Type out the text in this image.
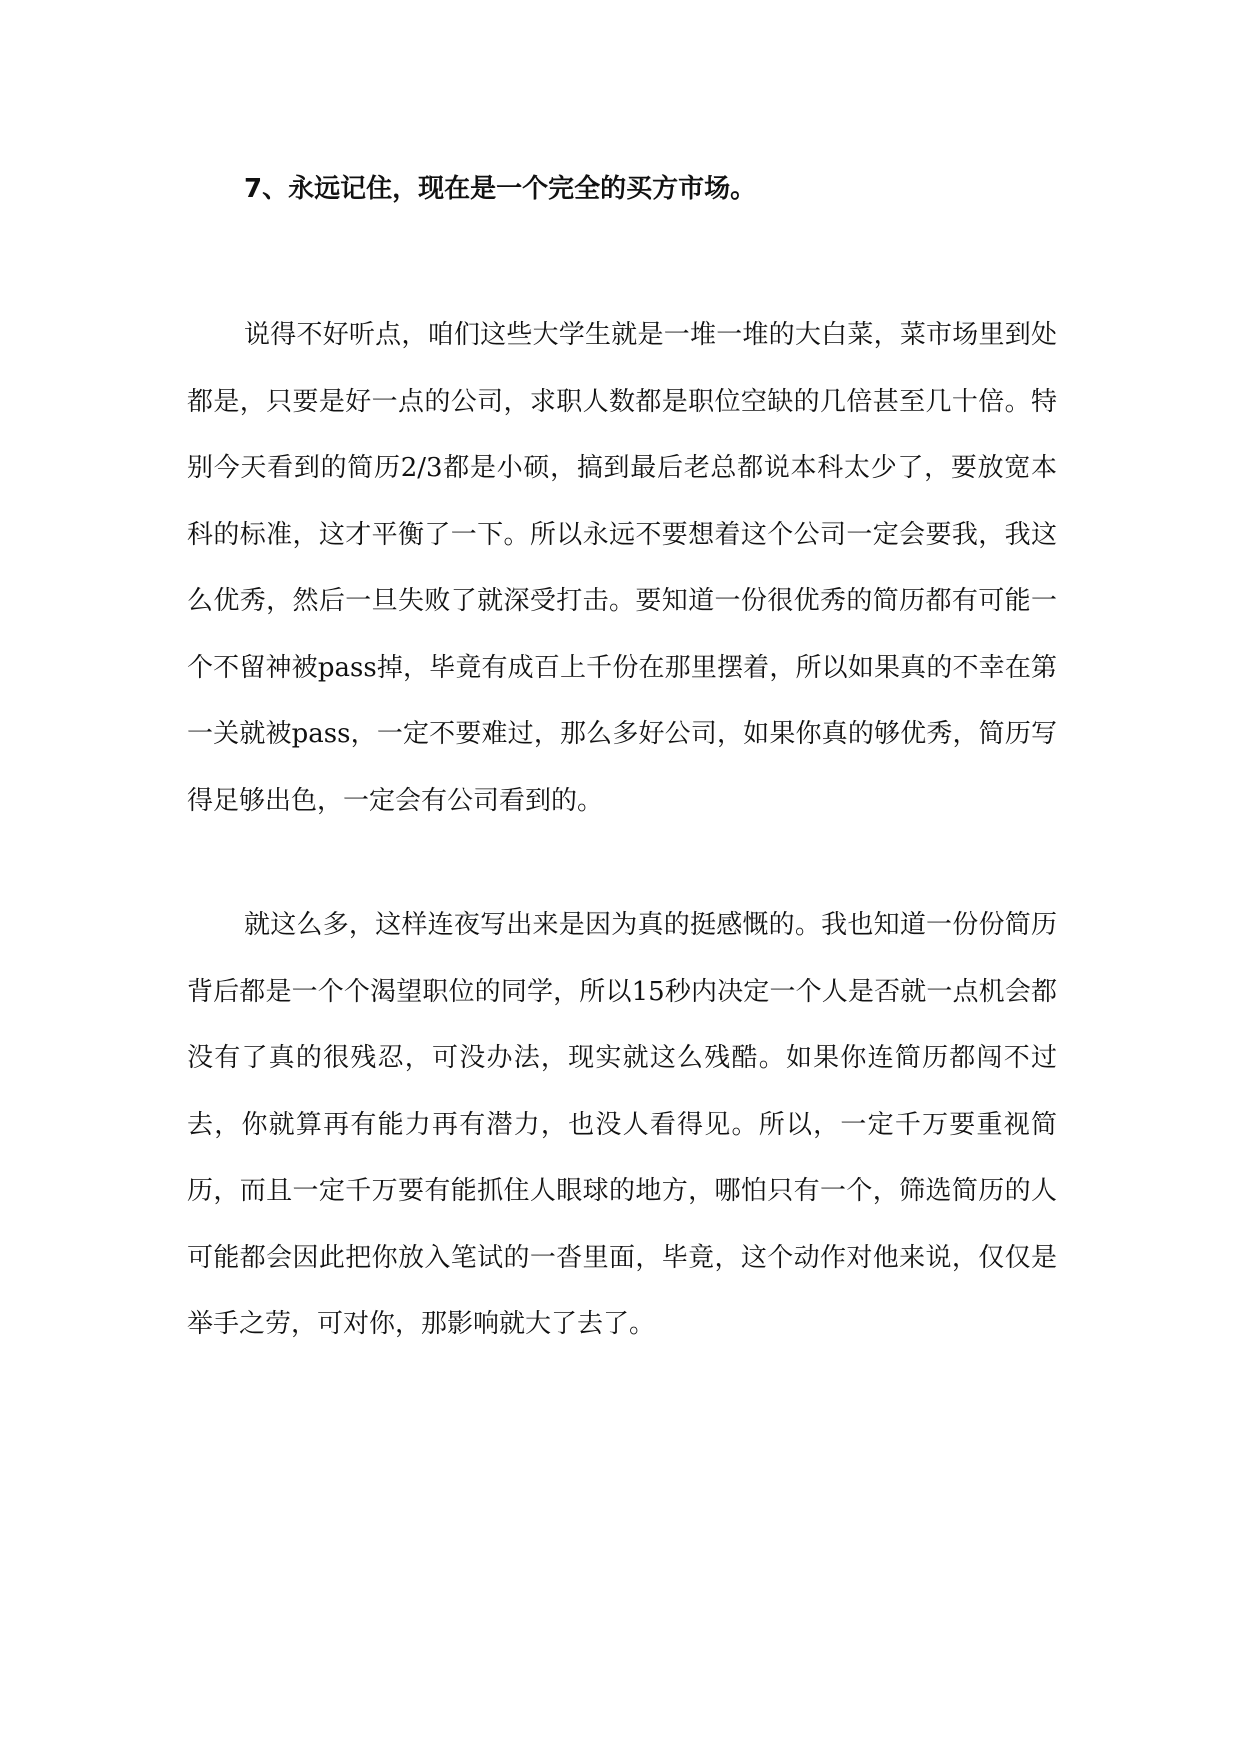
7、永远记住，现在是一个完全的买方市场。

说得不好听点，咱们这些大学生就是一堆一堆的大白菜，菜市场里到处都是，只要是好一点的公司，求职人数都是职位空缺的几倍甚至几十倍。特别今天看到的简历2/3都是小硕，搞到最后老总都说本科太少了，要放宽本科的标准，这才平衡了一下。所以永远不要想着这个公司一定会要我，我这么优秀，然后一旦失败了就深受打击。要知道一份很优秀的简历都有可能一个不留神被pass掉，毕竟有成百上千份在那里摆着，所以如果真的不幸在第一关就被pass，一定不要难过，那么多好公司，如果你真的够优秀，简历写得足够出色，一定会有公司看到的。

就这么多，这样连夜写出来是因为真的挺感慨的。我也知道一份份简历背后都是一个个渴望职位的同学，所以15秒内决定一个人是否就一点机会都没有了真的很残忍，可没办法，现实就这么残酷。如果你连简历都闯不过去，你就算再有能力再有潜力，也没人看得见。所以，一定千万要重视简历，而且一定千万要有能抓住人眼球的地方，哪怕只有一个，筛选简历的人可能都会因此把你放入笔试的一沓里面，毕竟，这个动作对他来说，仅仅是举手之劳，可对你，那影响就大了去了。
